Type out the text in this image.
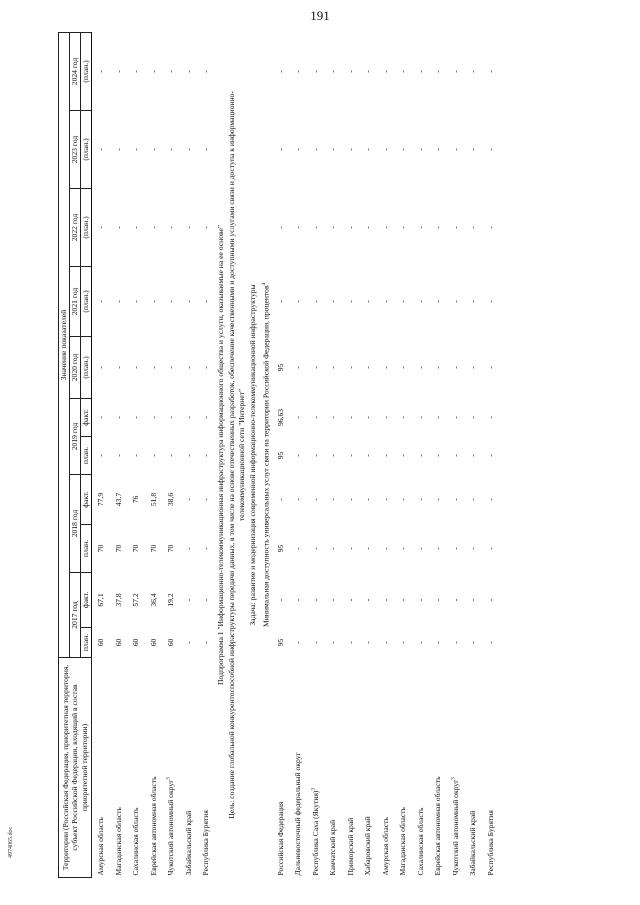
191
Территории (Российская Федерация, приоритетная территория, субъект Российской Федерации, входящий в состав приоритетной территории)	Значение показателей										
	2017 год		2018 год		2019 год		2020 год	2021 год	2022 год	2023 год	2024 год
	план.	факт.	план.	факт.	план.	факт.	(план.)	(план.)	(план.)	(план.)	(план.)
Амурская область	60	67,1	70	77,9	-	-	-	-	-	-	-
Магаданская область	60	37,8	70	43,7	-	-	-	-	-	-	-
Сахалинская область	60	57,2	70	76	-	-	-	-	-	-	-
Еврейская автономная область	60	36,4	70	51,8	-	-	-	-	-	-	-
Чукотский автономный округ$^3$	60	19,2	70	38,6	-	-	-	-	-	-	-
Забайкальский край	-	-	-	-	-	-	-	-	-	-	-
Республика Бурятия	-	-	-	-	-	-	-	-	-	-	-
Подпрограмма 1 "Информационно-телекоммуникационная инфраструктура информационного общества и услуги, оказываемые на ее основе"											
Цель: создание глобальной конкурентоспособной инфраструктуры передачи данных, в том числе на основе отечественных разработок, обеспечение качественными и доступными услугами связи и доступа к информационно-телекоммуникационной сети "Интернет"											
Задача: развитие и модернизация современной информационно-телекоммуникационной инфраструктуры											
Минимальная доступность универсальных услуг связи на территории Российской Федерации, процентов$^4$
Российская Федерация	95	-	95	-	95	96,63	95	-	-	-	-
Дальневосточный федеральный округ	-	-	-	-	-	-	-	-	-	-	-
Республика Саха (Якутия)$^3$	-	-	-	-	-	-	-	-	-	-	-
Камчатский край	-	-	-	-	-	-	-	-	-	-	-
Приморский край	-	-	-	-	-	-	-	-	-	-	-
Хабаровский край	-	-	-	-	-	-	-	-	-	-	-
Амурская область	-	-	-	-	-	-	-	-	-	-	-
Магаданская область	-	-	-	-	-	-	-	-	-	-	-
Сахалинская область	-	-	-	-	-	-	-	-	-	-	-
Еврейская автономная область	-	-	-	-	-	-	-	-	-	-	-
Чукотский автономный округ$^3$	-	-	-	-	-	-	-	-	-	-	-
Забайкальский край	-	-	-	-	-	-	-	-	-	-	-
Республика Бурятия	-	-	-	-	-	-	-	-	-	-	-
4974065.doc
